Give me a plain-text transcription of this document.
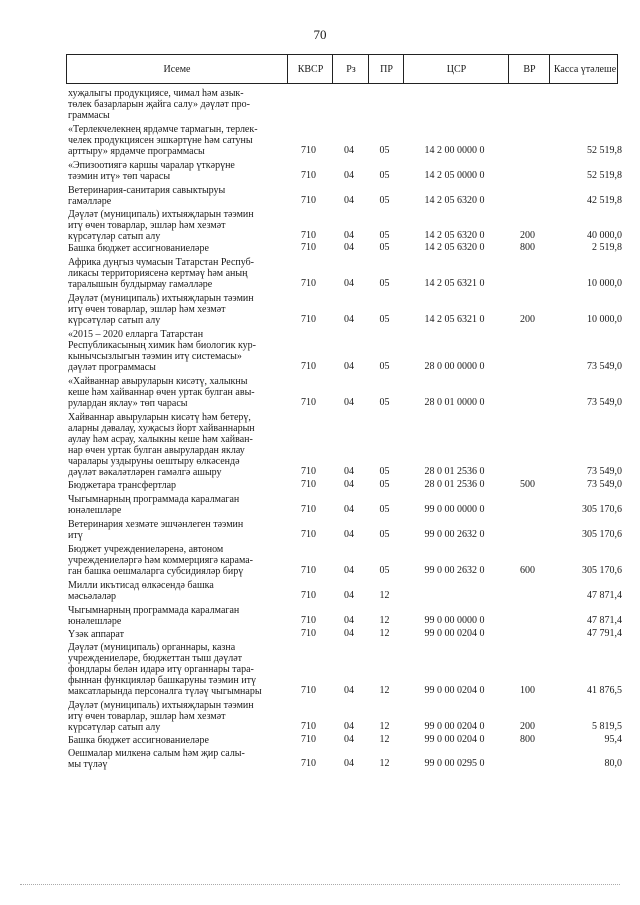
70
Исеме	КВСР	Рз	ПР	ЦСР	ВР	Касса үтәлеше
хуҗалыгы продукциясе, чимал һәм азык-
төлек базарларын җайга салу» дәүләт про-
граммасы
«Терлекчелекнең ярдәмче тармагын, терлек-
челек продукциясен эшкәртүне һәм сатуны
арттыру» ярдәмче программасы	710	04	05	14 2 00 0000 0	52 519,8
«Эпизоотиягә каршы чаралар үткәрүне
тәэмин итү» төп чарасы	710	04	05	14 2 05 0000 0	52 519,8
Ветеринария-санитария савыктыруы
гамәлләре	710	04	05	14 2 05 6320 0	42 519,8
Дәүләт (муниципаль) ихтыяҗларын тәэмин
итү өчен товарлар, эшләр һәм хезмәт
күрсәтүләр сатып алу	710	04	05	14 2 05 6320 0	200	40 000,0
Башка бюджет ассигнованиеләре	710	04	05	14 2 05 6320 0	800	2 519,8
Африка дуңгыз чумасын Татарстан Респуб-
ликасы территориясенә кертмәү һәм аның
таралышын булдырмау гамәлләре	710	04	05	14 2 05 6321 0	10 000,0
Дәүләт (муниципаль) ихтыяҗларын тәэмин
итү өчен товарлар, эшләр һәм хезмәт
күрсәтүләр сатып алу	710	04	05	14 2 05 6321 0	200	10 000,0
«2015 – 2020 елларга Татарстан
Республикасының химик һәм биологик кур-
кынычсызлыгын тәэмин итү системасы»
дәүләт программасы	710	04	05	28 0 00 0000 0	73 549,0
«Хайваннар авыруларын кисәтү, халыкны
кеше һәм хайваннар өчен уртак булган авы-
рулардан яклау» төп чарасы	710	04	05	28 0 01 0000 0	73 549,0
Хайваннар авыруларын кисәтү һәм бетерү,
аларны дәвалау, хуҗасыз йорт хайваннарын
аулау һәм асрау, халыкны кеше һәм хайван-
нар өчен уртак булган авырулардан яклау
чаралары уздыруны оештыру өлкәсендә
дәүләт вәкаләтләрен гамәлгә ашыру	710	04	05	28 0 01 2536 0	73 549,0
Бюджетара трансфертлар	710	04	05	28 0 01 2536 0	500	73 549,0
Чыгымнарның программада каралмаган
юнәлешләре	710	04	05	99 0 00 0000 0	305 170,6
Ветеринария хезмәте эшчәнлеген тәэмин
итү	710	04	05	99 0 00 2632 0	305 170,6
Бюджет учреждениеләренә, автоном
учреждениеләргә һәм коммерциягә карама-
ган башка оешмаларга субсидияләр бирү	710	04	05	99 0 00 2632 0	600	305 170,6
Милли икътисад өлкәсендә башка
мәсьәләләр	710	04	12	47 871,4
Чыгымнарның программада каралмаган
юнәлешләре	710	04	12	99 0 00 0000 0	47 871,4
Үзәк аппарат	710	04	12	99 0 00 0204 0	47 791,4
Дәүләт (муниципаль) органнары, казна
учреждениеләре, бюджеттан тыш дәүләт
фондлары белән идарә итү органнары тара-
фыннан функцияләр башкаруны тәэмин итү
максатларында персоналга түләү чыгымнары	710	04	12	99 0 00 0204 0	100	41 876,5
Дәүләт (муниципаль) ихтыяҗларын тәэмин
итү өчен товарлар, эшләр һәм хезмәт
күрсәтүләр сатып алу	710	04	12	99 0 00 0204 0	200	5 819,5
Башка бюджет ассигнованиеләре	710	04	12	99 0 00 0204 0	800	95,4
Оешмалар милкенә салым һәм җир салы-
мы түләү	710	04	12	99 0 00 0295 0	80,0
